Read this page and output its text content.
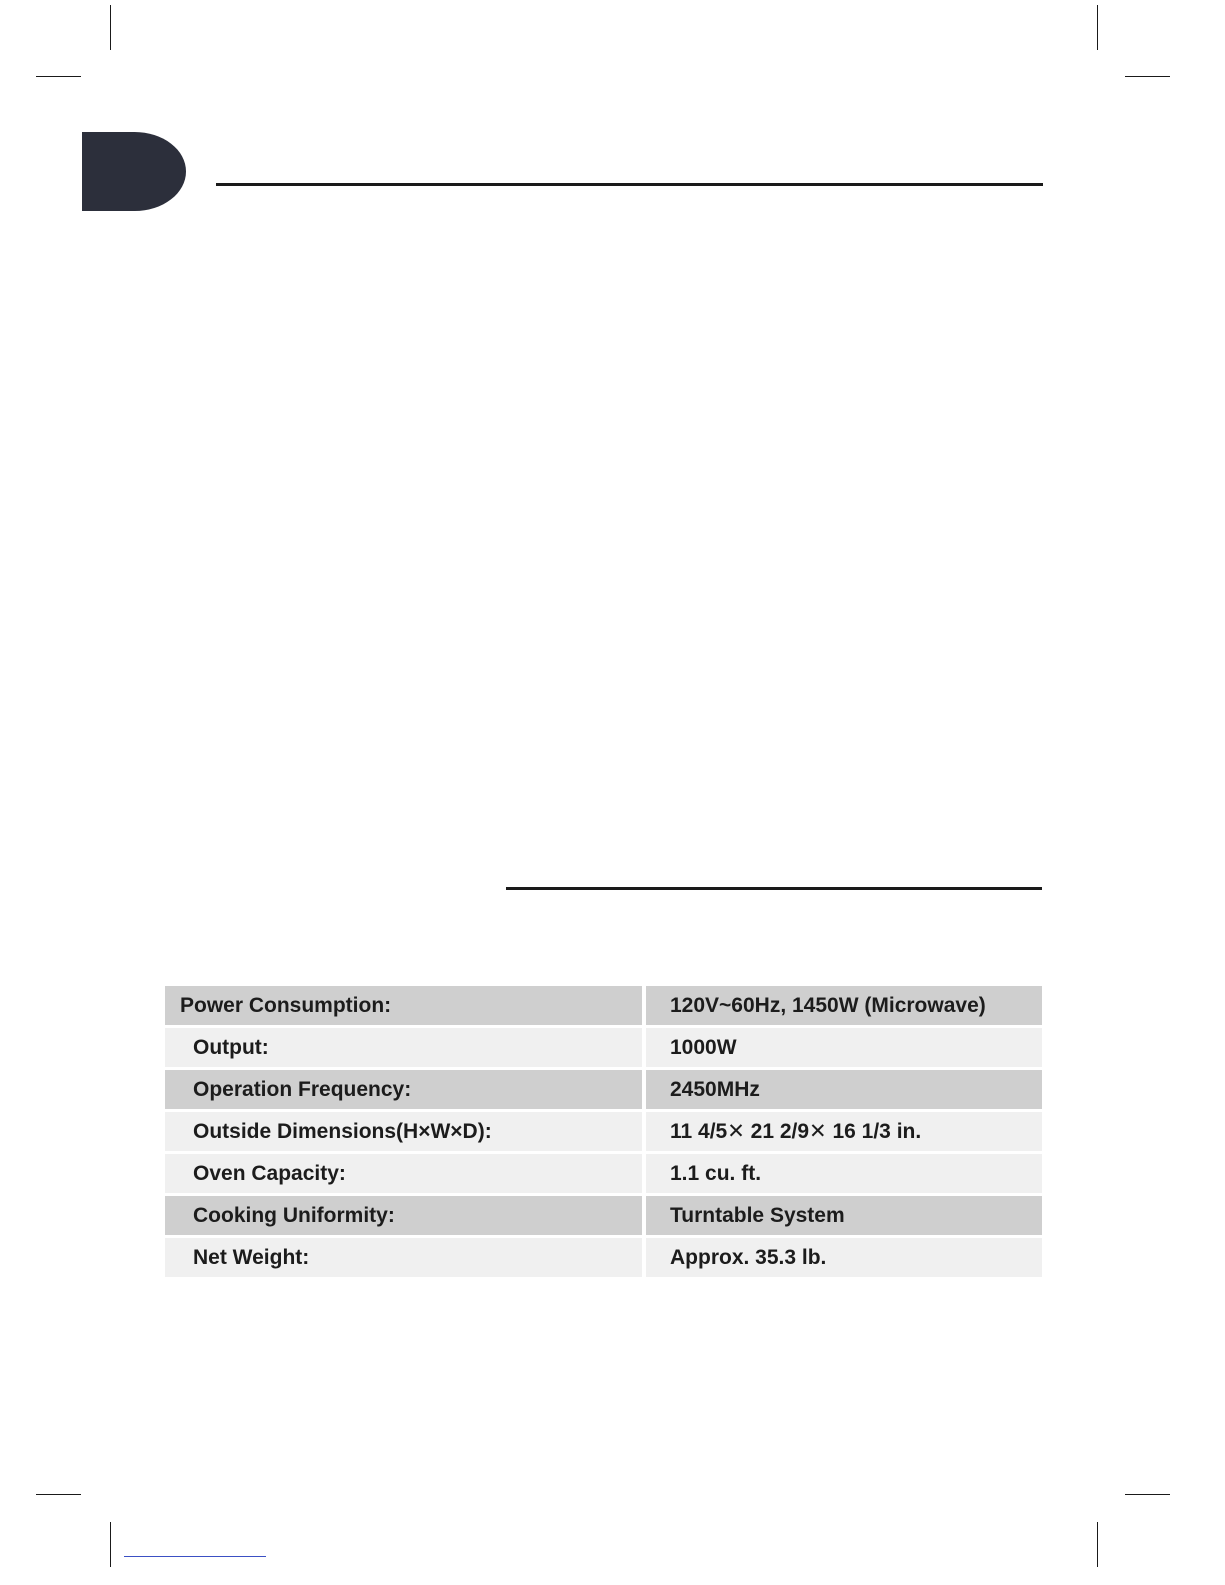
Power Consumption:	120V~60Hz, 1450W (Microwave)
Output:	1000W
Operation Frequency:	2450MHz
Outside Dimensions(H×W×D):	11 4/5✕ 21 2/9✕ 16 1/3 in.
Oven Capacity:	1.1 cu. ft.
Cooking Uniformity:	Turntable System
Net Weight:	Approx. 35.3 lb.
